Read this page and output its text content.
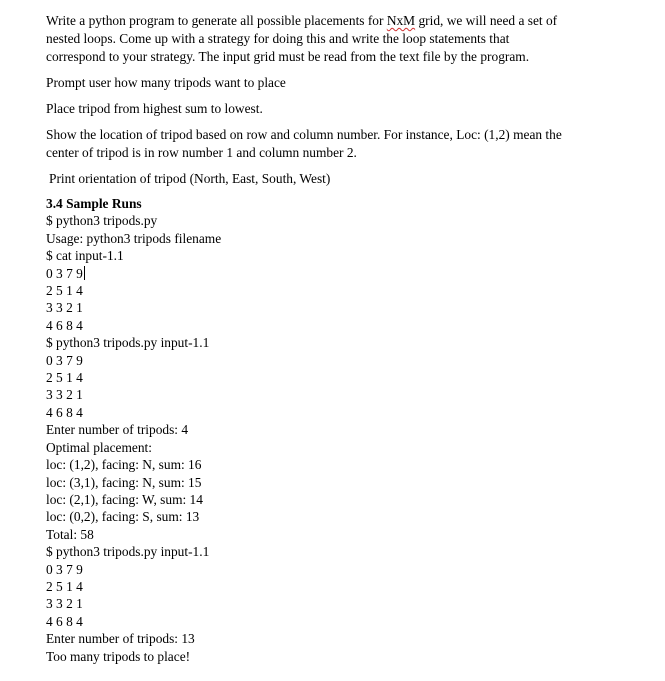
Write a python program to generate all possible placements for NxM grid, we will need a set of
nested loops. Come up with a strategy for doing this and write the loop statements that
correspond to your strategy. The input grid must be read from the text file by the program.
Prompt user how many tripods want to place
Place tripod from highest sum to lowest.
Show the location of tripod based on row and column number. For instance, Loc: (1,2) mean the
center of tripod is in row number 1 and column number 2.
Print orientation of tripod (North, East, South, West)
3.4 Sample Runs
$ python3 tripods.py
Usage: python3 tripods filename
$ cat input-1.1
0 3 7 9
2 5 1 4
3 3 2 1
4 6 8 4
$ python3 tripods.py input-1.1
0 3 7 9
2 5 1 4
3 3 2 1
4 6 8 4
Enter number of tripods: 4
Optimal placement:
loc: (1,2), facing: N, sum: 16
loc: (3,1), facing: N, sum: 15
loc: (2,1), facing: W, sum: 14
loc: (0,2), facing: S, sum: 13
Total: 58
$ python3 tripods.py input-1.1
0 3 7 9
2 5 1 4
3 3 2 1
4 6 8 4
Enter number of tripods: 13
Too many tripods to place!
